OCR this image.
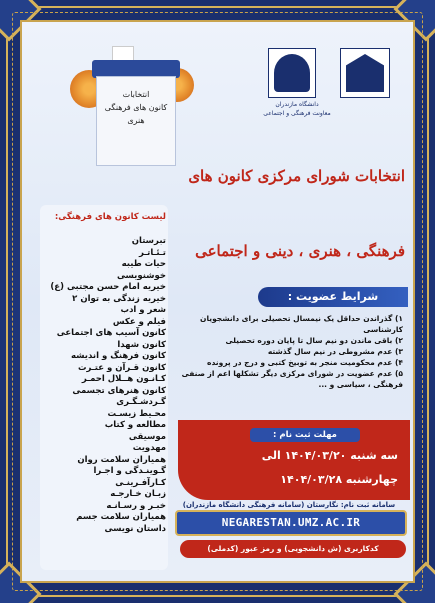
دانشگاه مازندران
معاونت فرهنگی و اجتماعی
انتخابات
کانون های فرهنگی
هنری
انتخابات شورای مرکزی کانون های
فرهنگی ، هنری ، دینی و اجتماعی
لیست کانون های فرهنگی:
تبرستان
تـئـاتـر
حیات طیبه
خوشنویسی
خیریه امام حسن مجتبی (ع)
خیریه زندگی به توان ۲
شعر و ادب
فیلم و عکس
کانون آسیب های اجتماعی
کانون شهدا
کانون فرهنگ و اندیشه
کانون قـرآن و عتـرت
کـانـون هــلال احمـر
کانون هنرهای تجسمی
گـردشـگـری
محـیط زیسـت
مطالعه و کتاب
موسیقی
مهدویت
همیاران سلامت روان
گـوینـدگی و اجـرا
کـارآفـرینـی
زبـان خـارجـه
خبـر و رسـانـه
همیاران سلامت جسم
داستان نویسی
شرایط عضویت :
۱) گذراندن حداقل یک نیمسال تحصیلی برای دانشجویان کارشناسی
۲) باقی ماندن دو نیم سال تا پایان دوره تحصیلی
۳) عدم مشروطی در نیم سال گذشته
۴) عدم محکومیت منجر به توبیخ کتبی و درج در پرونده
۵) عدم عضویت در شورای مرکزی دیگر تشکلها اعم از صنفی
فرهنگی ، سیاسی و ...
مهلت ثبت نام :
سه شنبه ۱۴۰۴/۰۳/۲۰ الی
چهارشنبه ۱۴۰۴/۰۳/۲۸
سامانه ثبت نام: نگارستان (سامانه فرهنگی دانشگاه مازندران)
NEGARESTAN.UMZ.AC.IR
کدکاربری (ش دانشجویی) و رمز عبور (کدملی)
